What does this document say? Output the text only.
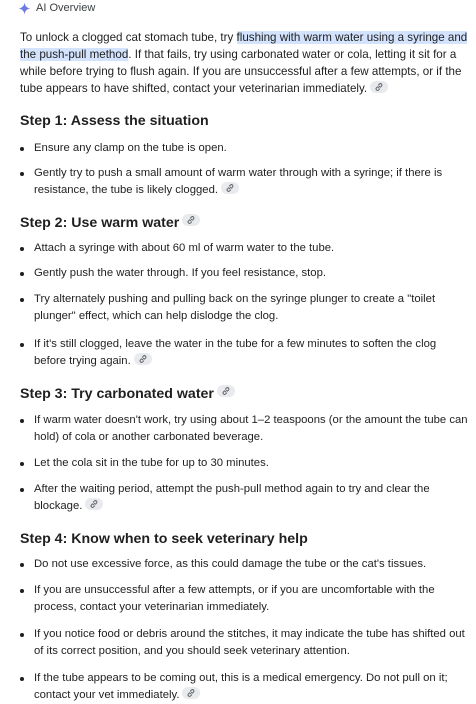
AI Overview

To unlock a clogged cat stomach tube, try flushing with warm water using a syringe and the push-pull method. If that fails, try using carbonated water or cola, letting it sit for a while before trying to flush again. If you are unsuccessful after a few attempts, or if the tube appears to have shifted, contact your veterinarian immediately.

Step 1: Assess the situation
Ensure any clamp on the tube is open.
Gently try to push a small amount of warm water through with a syringe; if there is resistance, the tube is likely clogged.
Step 2: Use warm water
Attach a syringe with about 60 ml of warm water to the tube.
Gently push the water through. If you feel resistance, stop.
Try alternately pushing and pulling back on the syringe plunger to create a "toilet plunger" effect, which can help dislodge the clog.
If it's still clogged, leave the water in the tube for a few minutes to soften the clog before trying again.
Step 3: Try carbonated water
If warm water doesn't work, try using about 1–2 teaspoons (or the amount the tube can hold) of cola or another carbonated beverage.
Let the cola sit in the tube for up to 30 minutes.
After the waiting period, attempt the push-pull method again to try and clear the blockage.
Step 4: Know when to seek veterinary help
Do not use excessive force, as this could damage the tube or the cat's tissues.
If you are unsuccessful after a few attempts, or if you are uncomfortable with the process, contact your veterinarian immediately.
If you notice food or debris around the stitches, it may indicate the tube has shifted out of its correct position, and you should seek veterinary attention.
If the tube appears to be coming out, this is a medical emergency. Do not pull on it; contact your vet immediately.
